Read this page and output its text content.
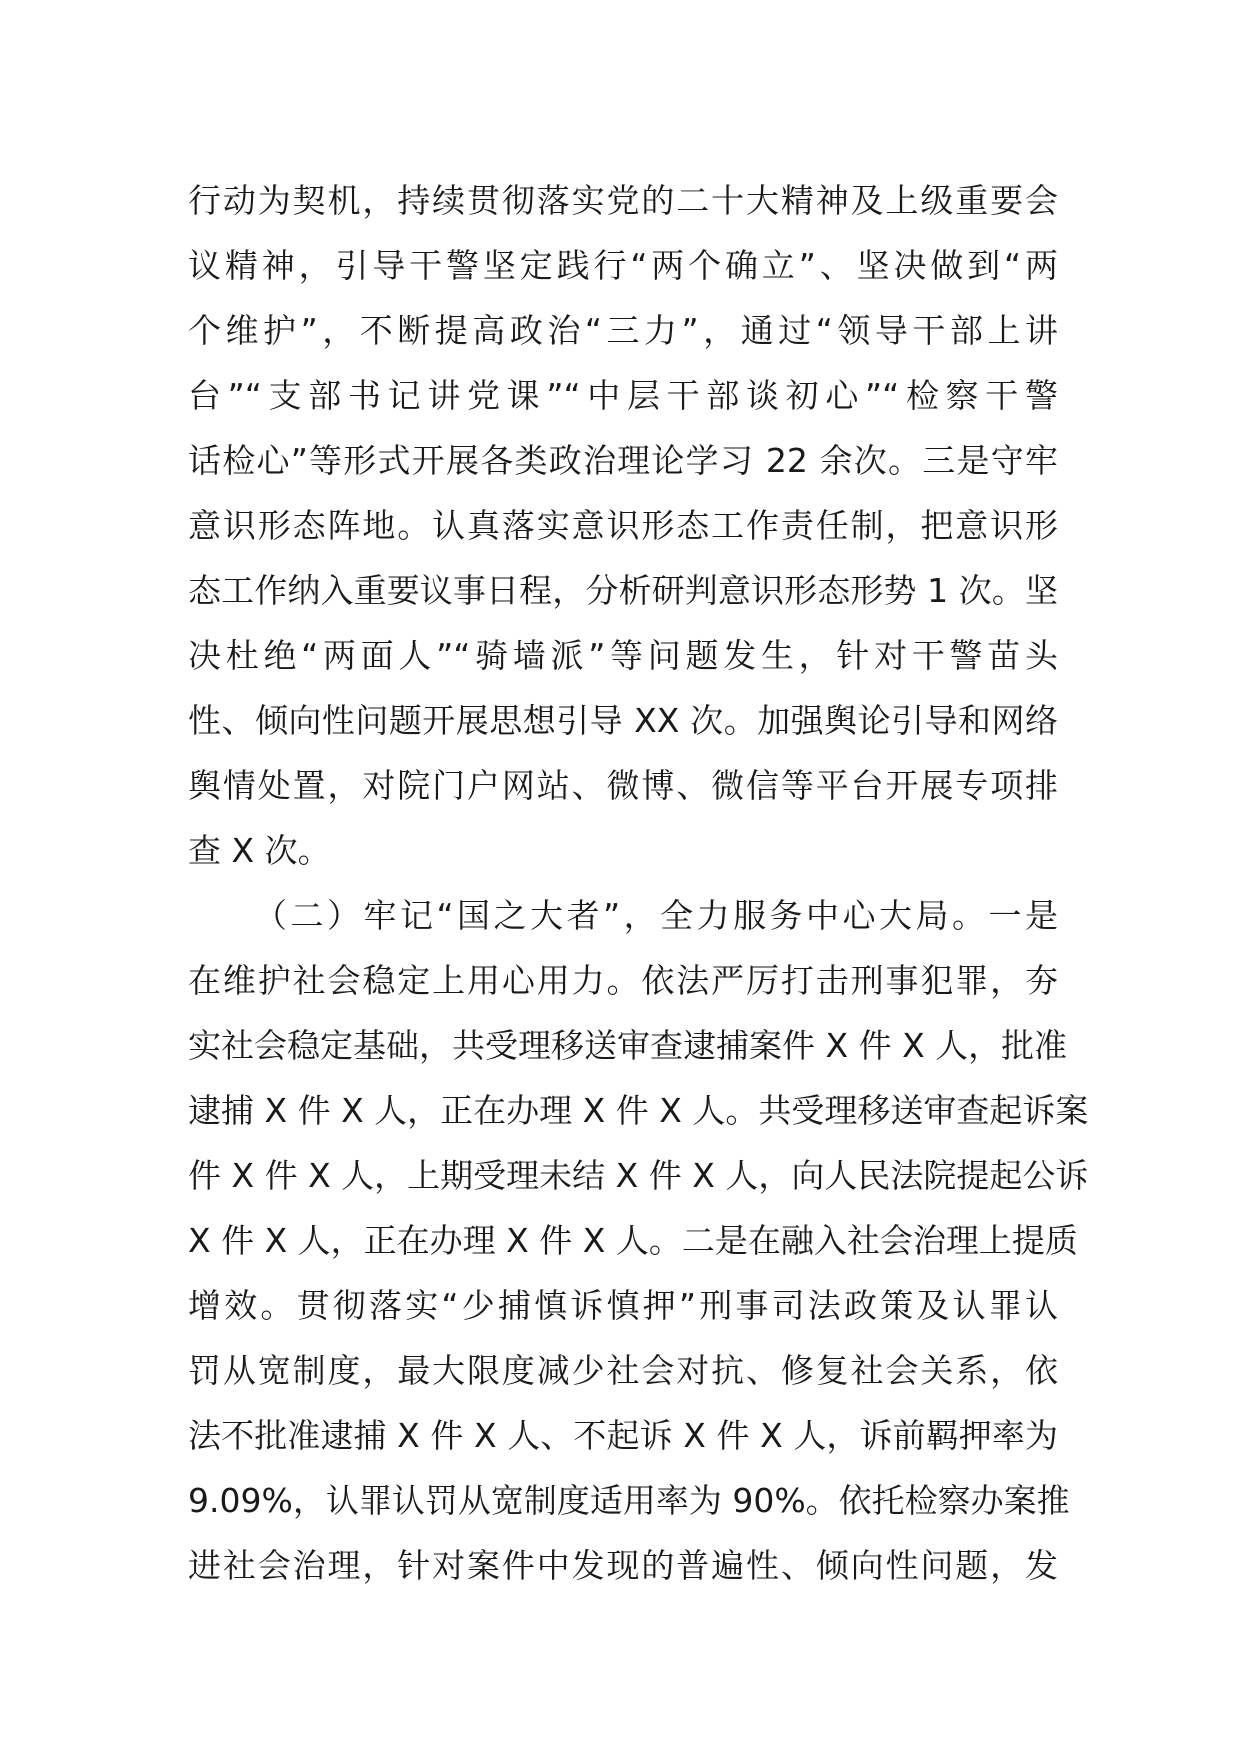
行动为契机，持续贯彻落实党的二十大精神及上级重要会
议精神，引导干警坚定践行“两个确立”、坚决做到“两
个维护”，不断提高政治“三力”，通过“领导干部上讲
台”“支部书记讲党课”“中层干部谈初心”“检察干警
话检心”等形式开展各类政治理论学习 22 余次。三是守牢
意识形态阵地。认真落实意识形态工作责任制，把意识形
态工作纳入重要议事日程，分析研判意识形态形势 1 次。坚
决杜绝“两面人”“骑墙派”等问题发生，针对干警苗头
性、倾向性问题开展思想引导 XX 次。加强舆论引导和网络
舆情处置，对院门户网站、微博、微信等平台开展专项排
查 X 次。
（二）牢记“国之大者”，全力服务中心大局。一是
在维护社会稳定上用心用力。依法严厉打击刑事犯罪，夯
实社会稳定基础，共受理移送审查逮捕案件 X 件 X 人，批准
逮捕 X 件 X 人，正在办理 X 件 X 人。共受理移送审查起诉案
件 X 件 X 人，上期受理未结 X 件 X 人，向人民法院提起公诉
X 件 X 人，正在办理 X 件 X 人。二是在融入社会治理上提质
增效。贯彻落实“少捕慎诉慎押”刑事司法政策及认罪认
罚从宽制度，最大限度减少社会对抗、修复社会关系，依
法不批准逮捕 X 件 X 人、不起诉 X 件 X 人，诉前羁押率为
9.09%，认罪认罚从宽制度适用率为 90%。依托检察办案推
进社会治理，针对案件中发现的普遍性、倾向性问题，发
